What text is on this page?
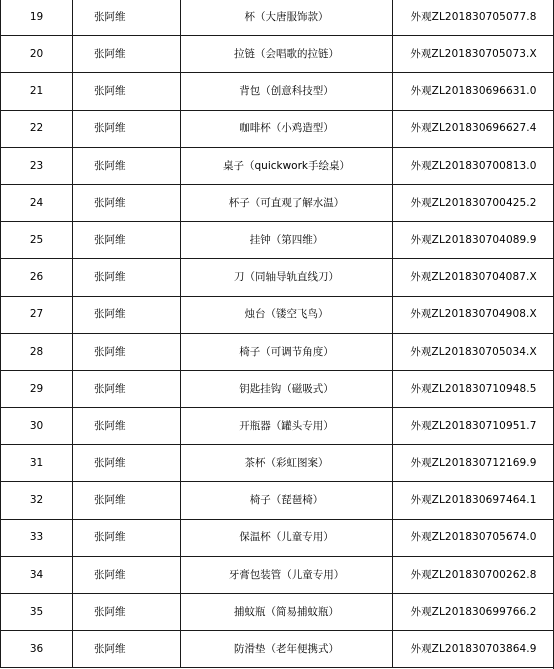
19	张阿维	杯（大唐服饰款）	外观ZL201830705077.8
20	张阿维	拉链（会唱歌的拉链）	外观ZL201830705073.X
21	张阿维	背包（创意科技型）	外观ZL201830696631.0
22	张阿维	咖啡杯（小鸡造型）	外观ZL201830696627.4
23	张阿维	桌子（quickwork手绘桌）	外观ZL201830700813.0
24	张阿维	杯子（可直观了解水温）	外观ZL201830700425.2
25	张阿维	挂钟（第四维）	外观ZL201830704089.9
26	张阿维	刀（同轴导轨直线刀）	外观ZL201830704087.X
27	张阿维	烛台（镂空飞鸟）	外观ZL201830704908.X
28	张阿维	椅子（可调节角度）	外观ZL201830705034.X
29	张阿维	钥匙挂钩（磁吸式）	外观ZL201830710948.5
30	张阿维	开瓶器（罐头专用）	外观ZL201830710951.7
31	张阿维	茶杯（彩虹图案）	外观ZL201830712169.9
32	张阿维	椅子（琵琶椅）	外观ZL201830697464.1
33	张阿维	保温杯（儿童专用）	外观ZL201830705674.0
34	张阿维	牙膏包装管（儿童专用）	外观ZL201830700262.8
35	张阿维	捕蚊瓶（简易捕蚊瓶）	外观ZL201830699766.2
36	张阿维	防滑垫（老年便携式）	外观ZL201830703864.9
